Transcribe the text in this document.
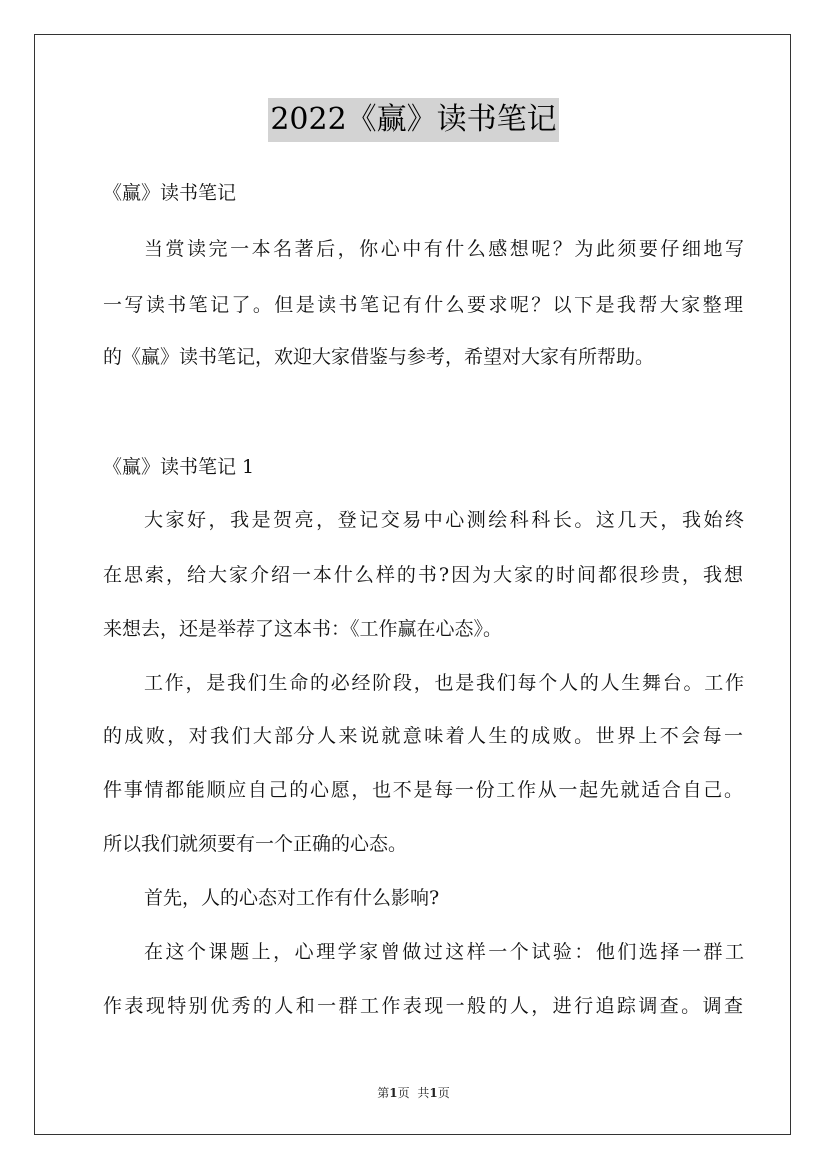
2022《赢》读书笔记
《赢》读书笔记
当赏读完一本名著后，你心中有什么感想呢？为此须要仔细地写
一写读书笔记了。但是读书笔记有什么要求呢？以下是我帮大家整理
的《赢》读书笔记，欢迎大家借鉴与参考，希望对大家有所帮助。
《赢》读书笔记 1
大家好，我是贺亮，登记交易中心测绘科科长。这几天，我始终
在思索，给大家介绍一本什么样的书?因为大家的时间都很珍贵，我想
来想去，还是举荐了这本书：《工作赢在心态》。
工作，是我们生命的必经阶段，也是我们每个人的人生舞台。工作
的成败，对我们大部分人来说就意味着人生的成败。世界上不会每一
件事情都能顺应自己的心愿，也不是每一份工作从一起先就适合自己。
所以我们就须要有一个正确的心态。
首先，人的心态对工作有什么影响?
在这个课题上，心理学家曾做过这样一个试验：他们选择一群工
作表现特别优秀的人和一群工作表现一般的人，进行追踪调查。调查
第1页 共1页
